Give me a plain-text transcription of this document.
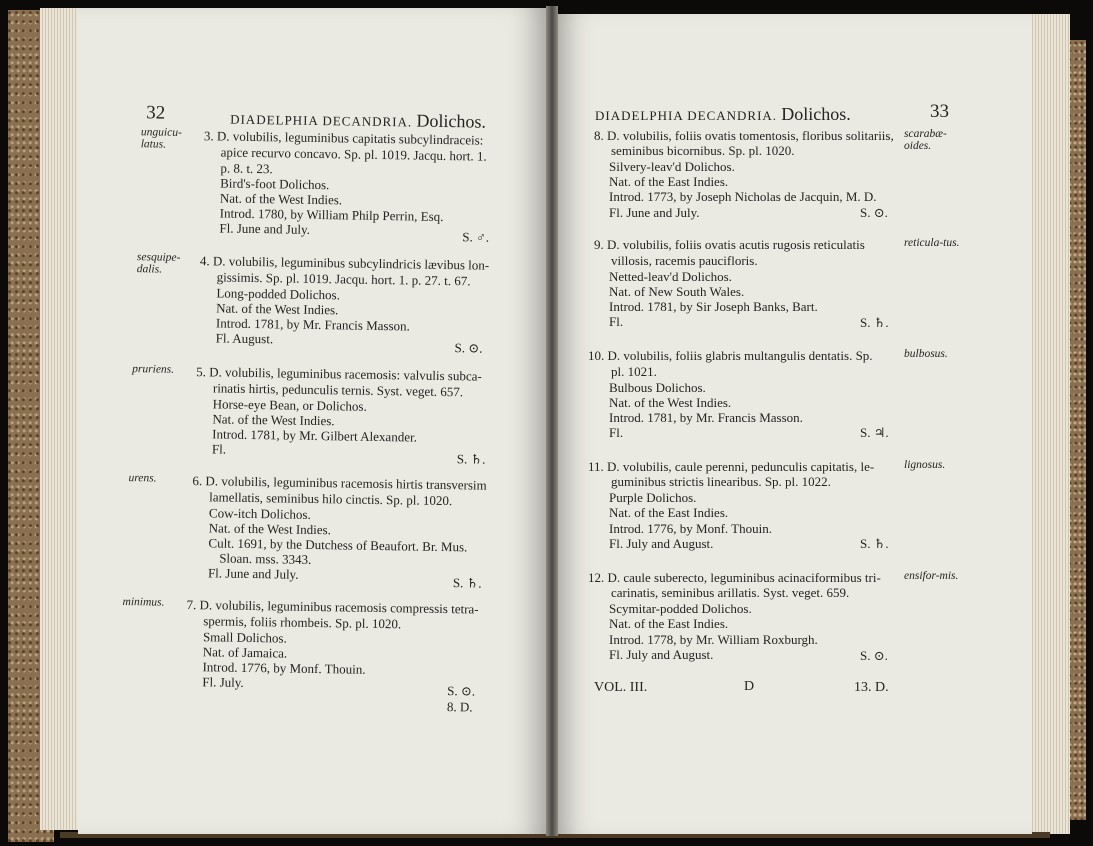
32	DIADELPHIA DECANDRIA. Dolichos.
unguicu-latus.	3. D. volubilis, leguminibus capitatis subcylindraceis:
apice recurvo concavo. Sp. pl. 1019. Jacqu. hort. 1.
p. 8. t. 23.
Bird's-foot Dolichos.
Nat. of the West Indies.
Introd. 1780, by William Philp Perrin, Esq.
Fl. June and July.
S. ♂.
sesquipe-dalis.	4. D. volubilis, leguminibus subcylindricis lævibus lon-
gissimis. Sp. pl. 1019. Jacqu. hort. 1. p. 27. t. 67.
Long-podded Dolichos.
Nat. of the West Indies.
Introd. 1781, by Mr. Francis Masson.
Fl. August.
S. ⊙.
pruriens.	5. D. volubilis, leguminibus racemosis: valvulis subca-
rinatis hirtis, pedunculis ternis. Syst. veget. 657.
Horse-eye Bean, or Dolichos.
Nat. of the West Indies.
Introd. 1781, by Mr. Gilbert Alexander.
Fl.
S. ♄.
urens.	6. D. volubilis, leguminibus racemosis hirtis transversim
lamellatis, seminibus hilo cinctis. Sp. pl. 1020.
Cow-itch Dolichos.
Nat. of the West Indies.
Cult. 1691, by the Dutchess of Beaufort. Br. Mus.
Sloan. mss. 3343.
Fl. June and July.
S. ♄.
minimus.	7. D. volubilis, leguminibus racemosis compressis tetra-
spermis, foliis rhombeis. Sp. pl. 1020.
Small Dolichos.
Nat. of Jamaica.
Introd. 1776, by Monf. Thouin.
Fl. July.
S. ⊙.
8. D.
DIADELPHIA DECANDRIA. Dolichos.	33
8. D. volubilis, foliis ovatis tomentosis, floribus solitariis,
seminibus bicornibus. Sp. pl. 1020.
Silvery-leav'd Dolichos.
Nat. of the East Indies.
Introd. 1773, by Joseph Nicholas de Jacquin, M. D.
Fl. June and July.	S. ⊙.
scarabæ-oides.
9. D. volubilis, foliis ovatis acutis rugosis reticulatis
villosis, racemis paucifloris.
Netted-leav'd Dolichos.
Nat. of New South Wales.
Introd. 1781, by Sir Joseph Banks, Bart.
Fl.	S. ♄.
reticula-tus.
10. D. volubilis, foliis glabris multangulis dentatis. Sp.
pl. 1021.
Bulbous Dolichos.
Nat. of the West Indies.
Introd. 1781, by Mr. Francis Masson.
Fl.	S. ♃.
bulbosus.
11. D. volubilis, caule perenni, pedunculis capitatis, le-
guminibus strictis linearibus. Sp. pl. 1022.
Purple Dolichos.
Nat. of the East Indies.
Introd. 1776, by Monf. Thouin.
Fl. July and August.	S. ♄.
lignosus.
12. D. caule suberecto, leguminibus acinaciformibus tri-
carinatis, seminibus arillatis. Syst. veget. 659.
Scymitar-podded Dolichos.
Nat. of the East Indies.
Introd. 1778, by Mr. William Roxburgh.
Fl. July and August.	S. ⊙.
ensifor-mis.
VOL. III.	D	13. D.
